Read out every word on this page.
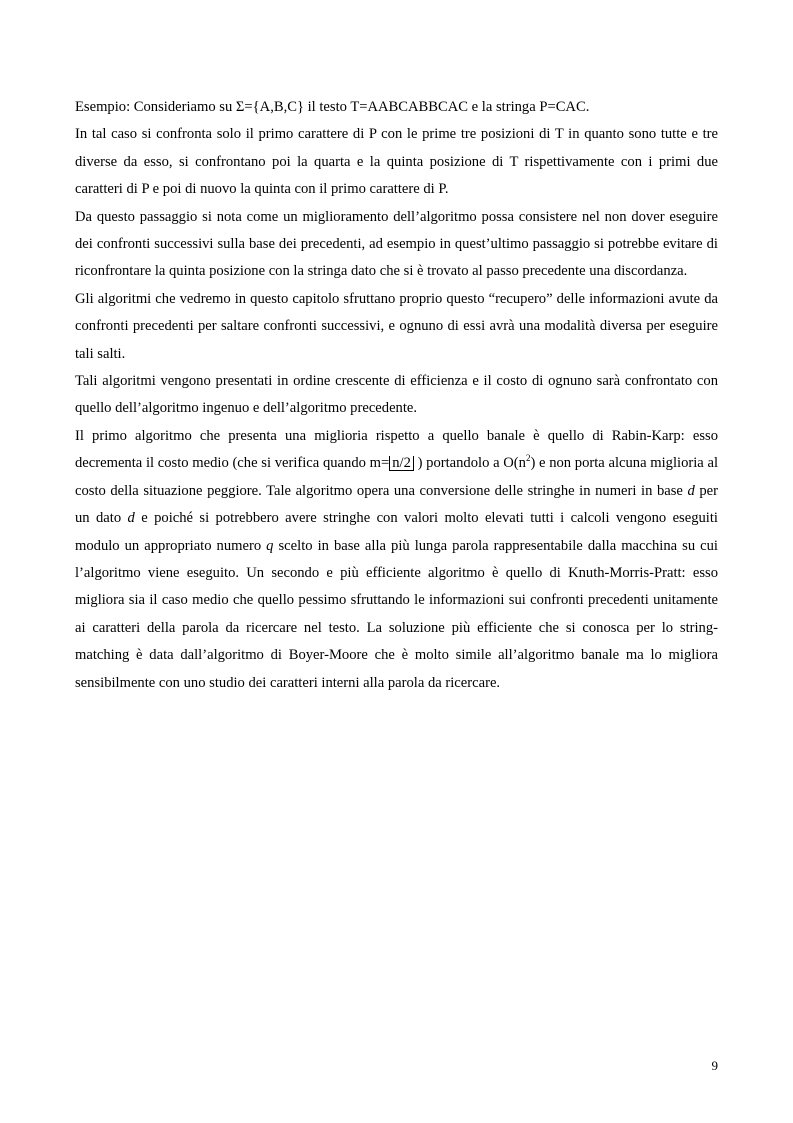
Esempio: Consideriamo su Σ={A,B,C} il testo T=AABCABBCAC e la stringa P=CAC.

In tal caso si confronta solo il primo carattere di P con le prime tre posizioni di T in quanto sono tutte e tre diverse da esso, si confrontano poi la quarta e la quinta posizione di T rispettivamente con i primi due caratteri di P e poi di nuovo la quinta con il primo carattere di P.

Da questo passaggio si nota come un miglioramento dell’algoritmo possa consistere nel non dover eseguire dei confronti successivi sulla base dei precedenti, ad esempio in quest’ultimo passaggio si potrebbe evitare di riconfrontare la quinta posizione con la stringa dato che si è trovato al passo precedente una discordanza.

Gli algoritmi che vedremo in questo capitolo sfruttano proprio questo “recupero” delle informazioni avute da confronti precedenti per saltare confronti successivi, e ognuno di essi avrà una modalità diversa per eseguire tali salti.

Tali algoritmi vengono presentati in ordine crescente di efficienza e il costo di ognuno sarà confrontato con quello dell’algoritmo ingenuo e dell’algoritmo precedente.

Il primo algoritmo che presenta una miglioria rispetto a quello banale è quello di Rabin-Karp: esso decrementa il costo medio (che si verifica quando m= n/2 ) portandolo a $O(n^2)$ e non porta alcuna miglioria al costo della situazione peggiore. Tale algoritmo opera una conversione delle stringhe in numeri in base d per un dato d e poiché si potrebbero avere stringhe con valori molto elevati tutti i calcoli vengono eseguiti modulo un appropriato numero q scelto in base alla più lunga parola rappresentabile dalla macchina su cui l’algoritmo viene eseguito. Un secondo e più efficiente algoritmo è quello di Knuth-Morris-Pratt: esso migliora sia il caso medio che quello pessimo sfruttando le informazioni sui confronti precedenti unitamente ai caratteri della parola da ricercare nel testo. La soluzione più efficiente che si conosca per lo string-matching è data dall’algoritmo di Boyer-Moore che è molto simile all’algoritmo banale ma lo migliora sensibilmente con uno studio dei caratteri interni alla parola da ricercare.

9
